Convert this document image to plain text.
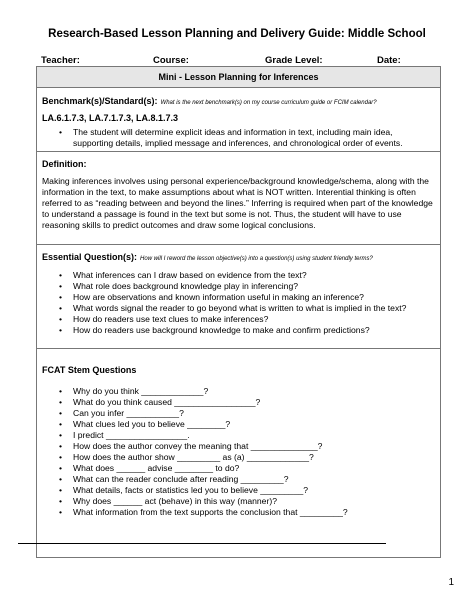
Research-Based Lesson Planning and Delivery Guide: Middle School
Teacher:	Course:	Grade Level:	Date:
Mini - Lesson Planning for Inferences
Benchmark(s)/Standard(s): What is the next benchmark(s) on my course curriculum guide or FCIM calendar?
LA.6.1.7.3, LA.7.1.7.3, LA.8.1.7.3
• The student will determine explicit ideas and information in text, including main idea, supporting details, implied message and inferences, and chronological order of events.
Definition:
Making inferences involves using personal experience/background knowledge/schema, along with the information in the text, to make assumptions about what is NOT written. Interential thinking is often referred to as “reading between and beyond the lines.” Inferring is required when part of the knowledge to understand a passage is found in the text but some is not. Thus, the student will have to use reasoning skills to predict outcomes and draw some logical conclusions.
Essential Question(s): How will I reword the lesson objective(s) into a question(s) using student friendly terms?
• What inferences can I draw based on evidence from the text?
• What role does background knowledge play in inferencing?
• How are observations and known information useful in making an inference?
• What words signal the reader to go beyond what is written to what is implied in the text?
• How do readers use text clues to make inferences?
• How do readers use background knowledge to make and confirm predictions?
FCAT Stem Questions
• Why do you think _____________?
• What do you think caused _________________?
• Can you infer ___________?
• What clues led you to believe ________?
• I predict _________________.
• How does the author convey the meaning that ______________?
• How does the author show _________ as (a) _____________?
• What does ______ advise ________ to do?
• What can the reader conclude after reading _________?
• What details, facts or statistics led you to believe _________?
• Why does ______ act (behave) in this way (manner)?
• What information from the text supports the conclusion that _________?
1
